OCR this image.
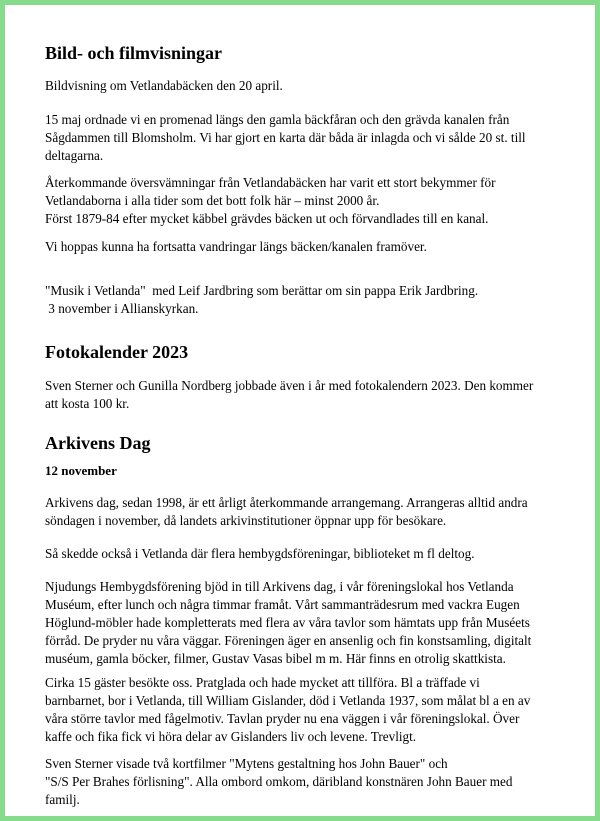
Bild- och filmvisningar

Bildvisning om Vetlandabäcken den 20 april.

15 maj ordnade vi en promenad längs den gamla bäckfåran och den grävda kanalen från
Sågdammen till Blomsholm. Vi har gjort en karta där båda är inlagda och vi sålde 20 st. till
deltagarna.

Återkommande översvämningar från Vetlandabäcken har varit ett stort bekymmer för
Vetlandaborna i alla tider som det bott folk här – minst 2000 år.
Först 1879-84 efter mycket käbbel grävdes bäcken ut och förvandlades till en kanal.

Vi hoppas kunna ha fortsatta vandringar längs bäcken/kanalen framöver.

"Musik i Vetlanda"  med Leif Jardbring som berättar om sin pappa Erik Jardbring.
3 november i Allianskyrkan.

Fotokalender 2023

Sven Sterner och Gunilla Nordberg jobbade även i år med fotokalendern 2023. Den kommer
att kosta 100 kr.

Arkivens Dag
12 november

Arkivens dag, sedan 1998, är ett årligt återkommande arrangemang. Arrangeras alltid andra
söndagen i november, då landets arkivinstitutioner öppnar upp för besökare.

Så skedde också i Vetlanda där flera hembygdsföreningar, biblioteket m fl deltog.

Njudungs Hembygdsförening bjöd in till Arkivens dag, i vår föreningslokal hos Vetlanda
Muséum, efter lunch och några timmar framåt. Vårt sammanträdesrum med vackra Eugen
Höglund-möbler hade kompletterats med flera av våra tavlor som hämtats upp från Muséets
förråd. De pryder nu våra väggar. Föreningen äger en ansenlig och fin konstsamling, digitalt
muséum, gamla böcker, filmer, Gustav Vasas bibel m m. Här finns en otrolig skattkista.

Cirka 15 gäster besökte oss. Pratglada och hade mycket att tillföra. Bl a träffade vi
barnbarnet, bor i Vetlanda, till William Gislander, död i Vetlanda 1937, som målat bl a en av
våra större tavlor med fågelmotiv. Tavlan pryder nu ena väggen i vår föreningslokal. Över
kaffe och fika fick vi höra delar av Gislanders liv och levene. Trevligt.

Sven Sterner visade två kortfilmer "Mytens gestaltning hos John Bauer" och
"S/S Per Brahes förlisning". Alla ombord omkom, däribland konstnären John Bauer med
familj.
